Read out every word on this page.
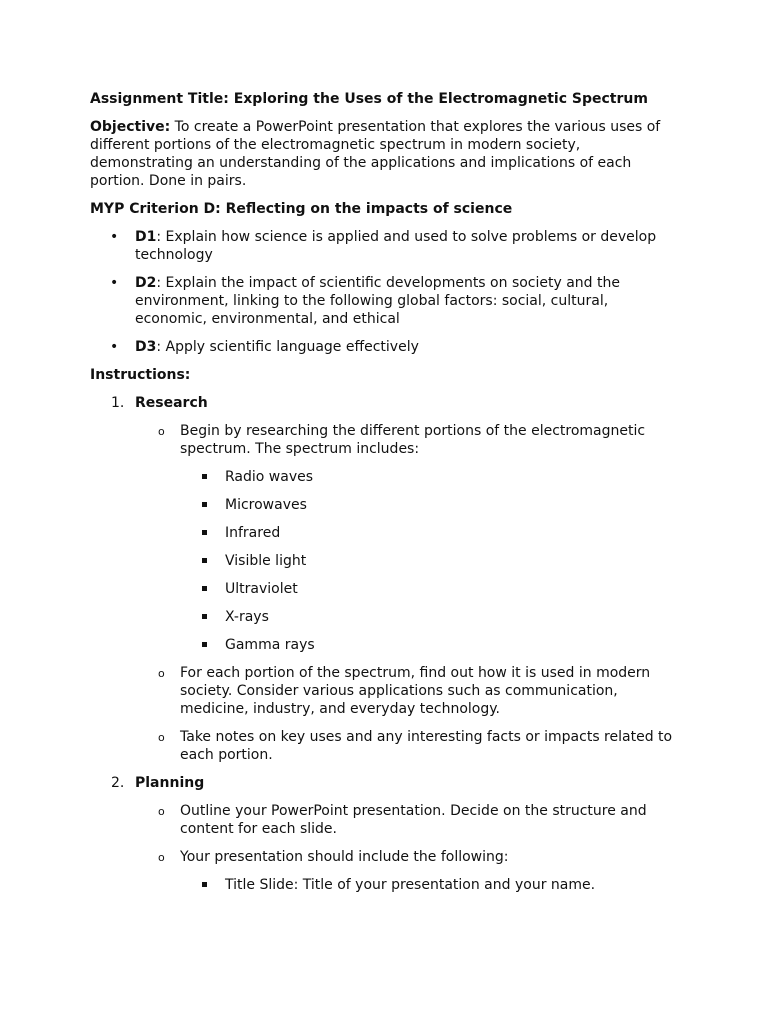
Assignment Title: Exploring the Uses of the Electromagnetic Spectrum

Objective: To create a PowerPoint presentation that explores the various uses of different portions of the electromagnetic spectrum in modern society, demonstrating an understanding of the applications and implications of each portion. Done in pairs.

MYP Criterion D: Reflecting on the impacts of science

• D1: Explain how science is applied and used to solve problems or develop technology
• D2: Explain the impact of scientific developments on society and the environment, linking to the following global factors: social, cultural, economic, environmental, and ethical
• D3: Apply scientific language effectively

Instructions:

1. Research

o Begin by researching the different portions of the electromagnetic spectrum. The spectrum includes:
Radio waves
Microwaves
Infrared
Visible light
Ultraviolet
X-rays
Gamma rays
o For each portion of the spectrum, find out how it is used in modern society. Consider various applications such as communication, medicine, industry, and everyday technology.
o Take notes on key uses and any interesting facts or impacts related to each portion.
2. Planning

o Outline your PowerPoint presentation. Decide on the structure and content for each slide.
o Your presentation should include the following:
Title Slide: Title of your presentation and your name.
